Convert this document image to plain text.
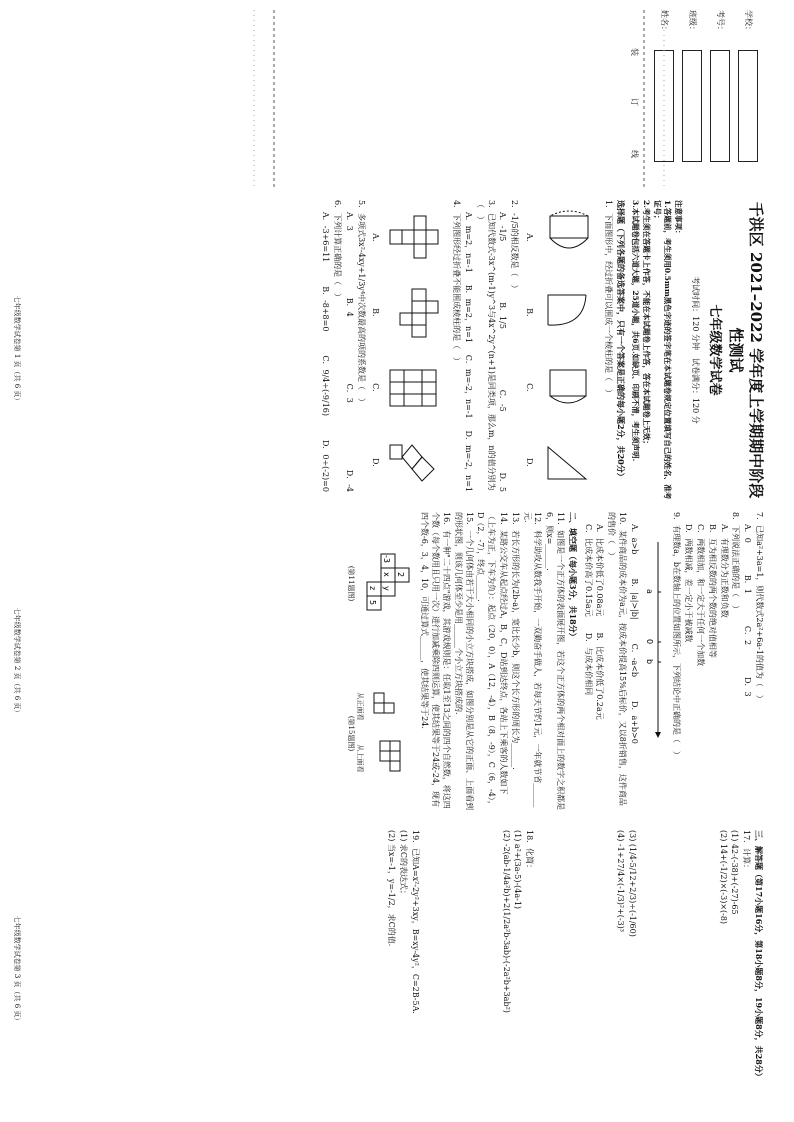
学校：
考号：
班级：
姓名：
装
订
线
千洪区 2021–2022 学年度上学期期中阶段性测试
七年级数学试卷
考试时间：120 分钟　试卷满分：120 分
注意事项：
1.答题前，考生须用0.5mm黑色字迹的签字笔在本试题卷规定位置填写自己的姓名、准考证号；
2.考生须在答题卡上作答，不能在本试题卷上作答，答在本试题卷上无效；
3.本试题卷包括六道大题，25道小题，共6页.如缺页、印刷不清，考生须声明.
选择题（下列各题的备选答案中，只有一个答案是正确的每小题2分，共20分）
1．下面图形中，经过折叠可以围成一个棱柱的是（　）
A.
B.
C.
D.
2．-1/5的相反数是（　）
A．-1/5
B．1/5
C．-5
D．5
3．已知代数式-3x^(m-1)y^3与4x^2y^(n+1)是同类项，那么m，n的值分别为（　）
A．m=2，n=-1
B．m=2，n=1
C．m=-2，n=-1
D．m=-2，n=1
4．下列图形经过折叠不能围成棱柱的是（　）
A.
B.
C.
D.
5．多项式3x²-4xy+1/3y⁴中次数最高的项的系数是（　）
A．3
B．4
C．3
D．-4
6．下列计算正确的是（　）
A．-3+6=11
B．-8+8=0
C．9/4÷(-9/16)
D．0÷(-2)=0
七年级数学试卷第 1 页（共 6 页）
7．已知a²+3a=1，则代数式2a²+6a-1的值为（　）
A．0　　　　B．1　　　　C．2　　　　D．3
8．下列说法正确的是（　）
A．有理数分为正数和负数
B．互为相反数的两个数的绝对值相等
C．两数相加，和一定大于任何一个加数
D．两数相减，差一定小于被减数
9．有理数a，b在数轴上的位置如图所示，下列结论中正确的是（　）
a
0
b
A．a>b　　　B．|a|>|b|　　　C．-a<b　　　D．a+b>0
10．某件商品的成本价为a元，按成本价提高15%后标价，又以8折销售，这件商品的售价（　）
A．比成本价低了0.08a元　　B．比成本价低了0.2a元
C．比成本价高了0.15a元　　D．与成本价相同
二、填空题（每小题3分，共18分）
11．如图是一个正方体的表面展开图，若这个正方体的两个相对面上的数字之积都是6，则x=______.
12．科学助攻从数我手开始，一双勤奋手做人，若每天节约1元，一年就节省______元.
13．若长方形的长为(2b-a)，宽比长少b，则这个长方形的周长为______.
14．某路公交车从起点经过A，B，C，D站到达终点，各站上下乘客的人数如下
（上车为正，下车为负）：起点（20，0），A（12，-4），B（8，-9），C（6，-4），D（2，-7），终点______.
15．一个几何体由若干大小相同的小立方块搭成，如图分别是从它的正面、上面看到的形状图，则该几何体至少是用______个小立方块搭成的.
16．有一种"二十四点"游戏，其游戏规则是：任取1至13之间的四个自然数，将这四个数（每个数用且只用一次）进行加减乘除四则运算，使其结果等于24或-24，现有四个数-6，3，4，10，可通过算式______，使其结果等于24.
2
-3
x
y
z
5
(第11题图)
从正面看
从上面看
(第15题图)
七年级数学试卷第 2 页（共 6 页）
三、解答题（第17小题16分，第18小题8分，19小题8分，共28分）
17．计算：
(1) 42-(-38)+(-27)-65
(2) 14+(-1/2)×(-3)×(-8)
(3) (1/4-5/12+2/3)÷(-1/60)
(4) -1+27/4×(-1/3)²+(-3)³
18．化简：
(1) a²+(3a-5)-(4a-1)
(2) -2(ab-1/4a²b)+2(1/2a²b-3ab)-(-2a²b+3ab²)
19．已知A=x²-2y²+3xy，B=xy-4y²，C=2B-5A.
(1) 求C的表达式；
(2) 当x=-1，y=-1/2，求C的值.
七年级数学试卷第 3 页（共 6 页）
